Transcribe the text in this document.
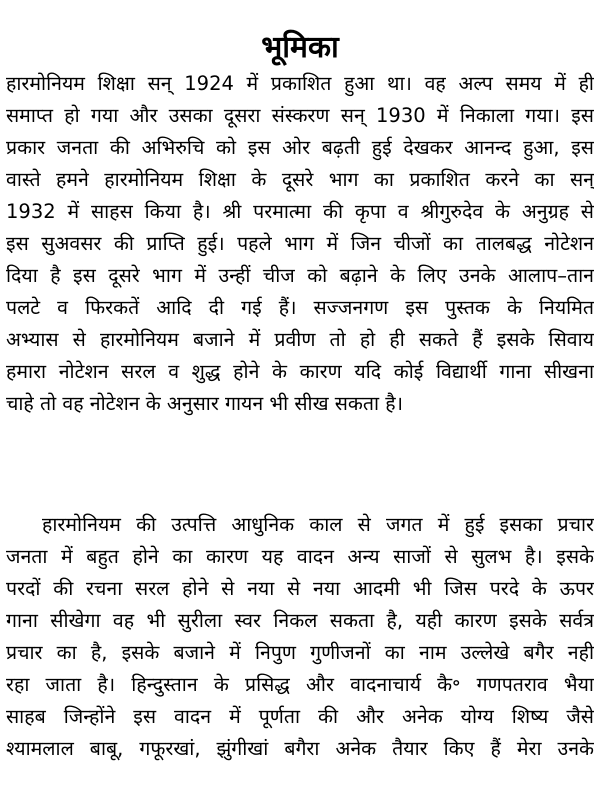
भूमिका

हारमोनियम शिक्षा सन् 1924 में प्रकाशित हुआ था। वह अल्प समय में ही
समाप्त हो गया और उसका दूसरा संस्करण सन् 1930 में निकाला गया। इस
प्रकार जनता की अभिरुचि को इस ओर बढ़ती हुई देखकर आनन्द हुआ, इस
वास्ते हमने हारमोनियम शिक्षा के दूसरे भाग का प्रकाशित करने का सन्
1932 में साहस किया है। श्री परमात्मा की कृपा व श्रीगुरुदेव के अनुग्रह से
इस सुअवसर की प्राप्ति हुई। पहले भाग में जिन चीजों का तालबद्ध नोटेशन
दिया है इस दूसरे भाग में उन्हीं चीज को बढ़ाने के लिए उनके आलाप–तान
पलटे व फिरकतें आदि दी गई हैं। सज्जनगण इस पुस्तक के नियमित
अभ्यास से हारमोनियम बजाने में प्रवीण तो हो ही सकते हैं इसके सिवाय
हमारा नोटेशन सरल व शुद्ध होने के कारण यदि कोई विद्यार्थी गाना सीखना
चाहे तो वह नोटेशन के अनुसार गायन भी सीख सकता है।

हारमोनियम की उत्पत्ति आधुनिक काल से जगत में हुई इसका प्रचार
जनता में बहुत होने का कारण यह वादन अन्य साजों से सुलभ है। इसके
परदों की रचना सरल होने से नया से नया आदमी भी जिस परदे के ऊपर
गाना सीखेगा वह भी सुरीला स्वर निकल सकता है, यही कारण इसके सर्वत्र
प्रचार का है, इसके बजाने में निपुण गुणीजनों का नाम उल्लेखे बगैर नही
रहा जाता है। हिन्दुस्तान के प्रसिद्ध और वादनाचार्य कै॰ गणपतराव भैया
साहब जिन्होंने इस वादन में पूर्णता की और अनेक योग्य शिष्य जैसे
श्यामलाल बाबू, गफूरखां, झुंगीखां बगैरा अनेक तैयार किए हैं मेरा उनके
